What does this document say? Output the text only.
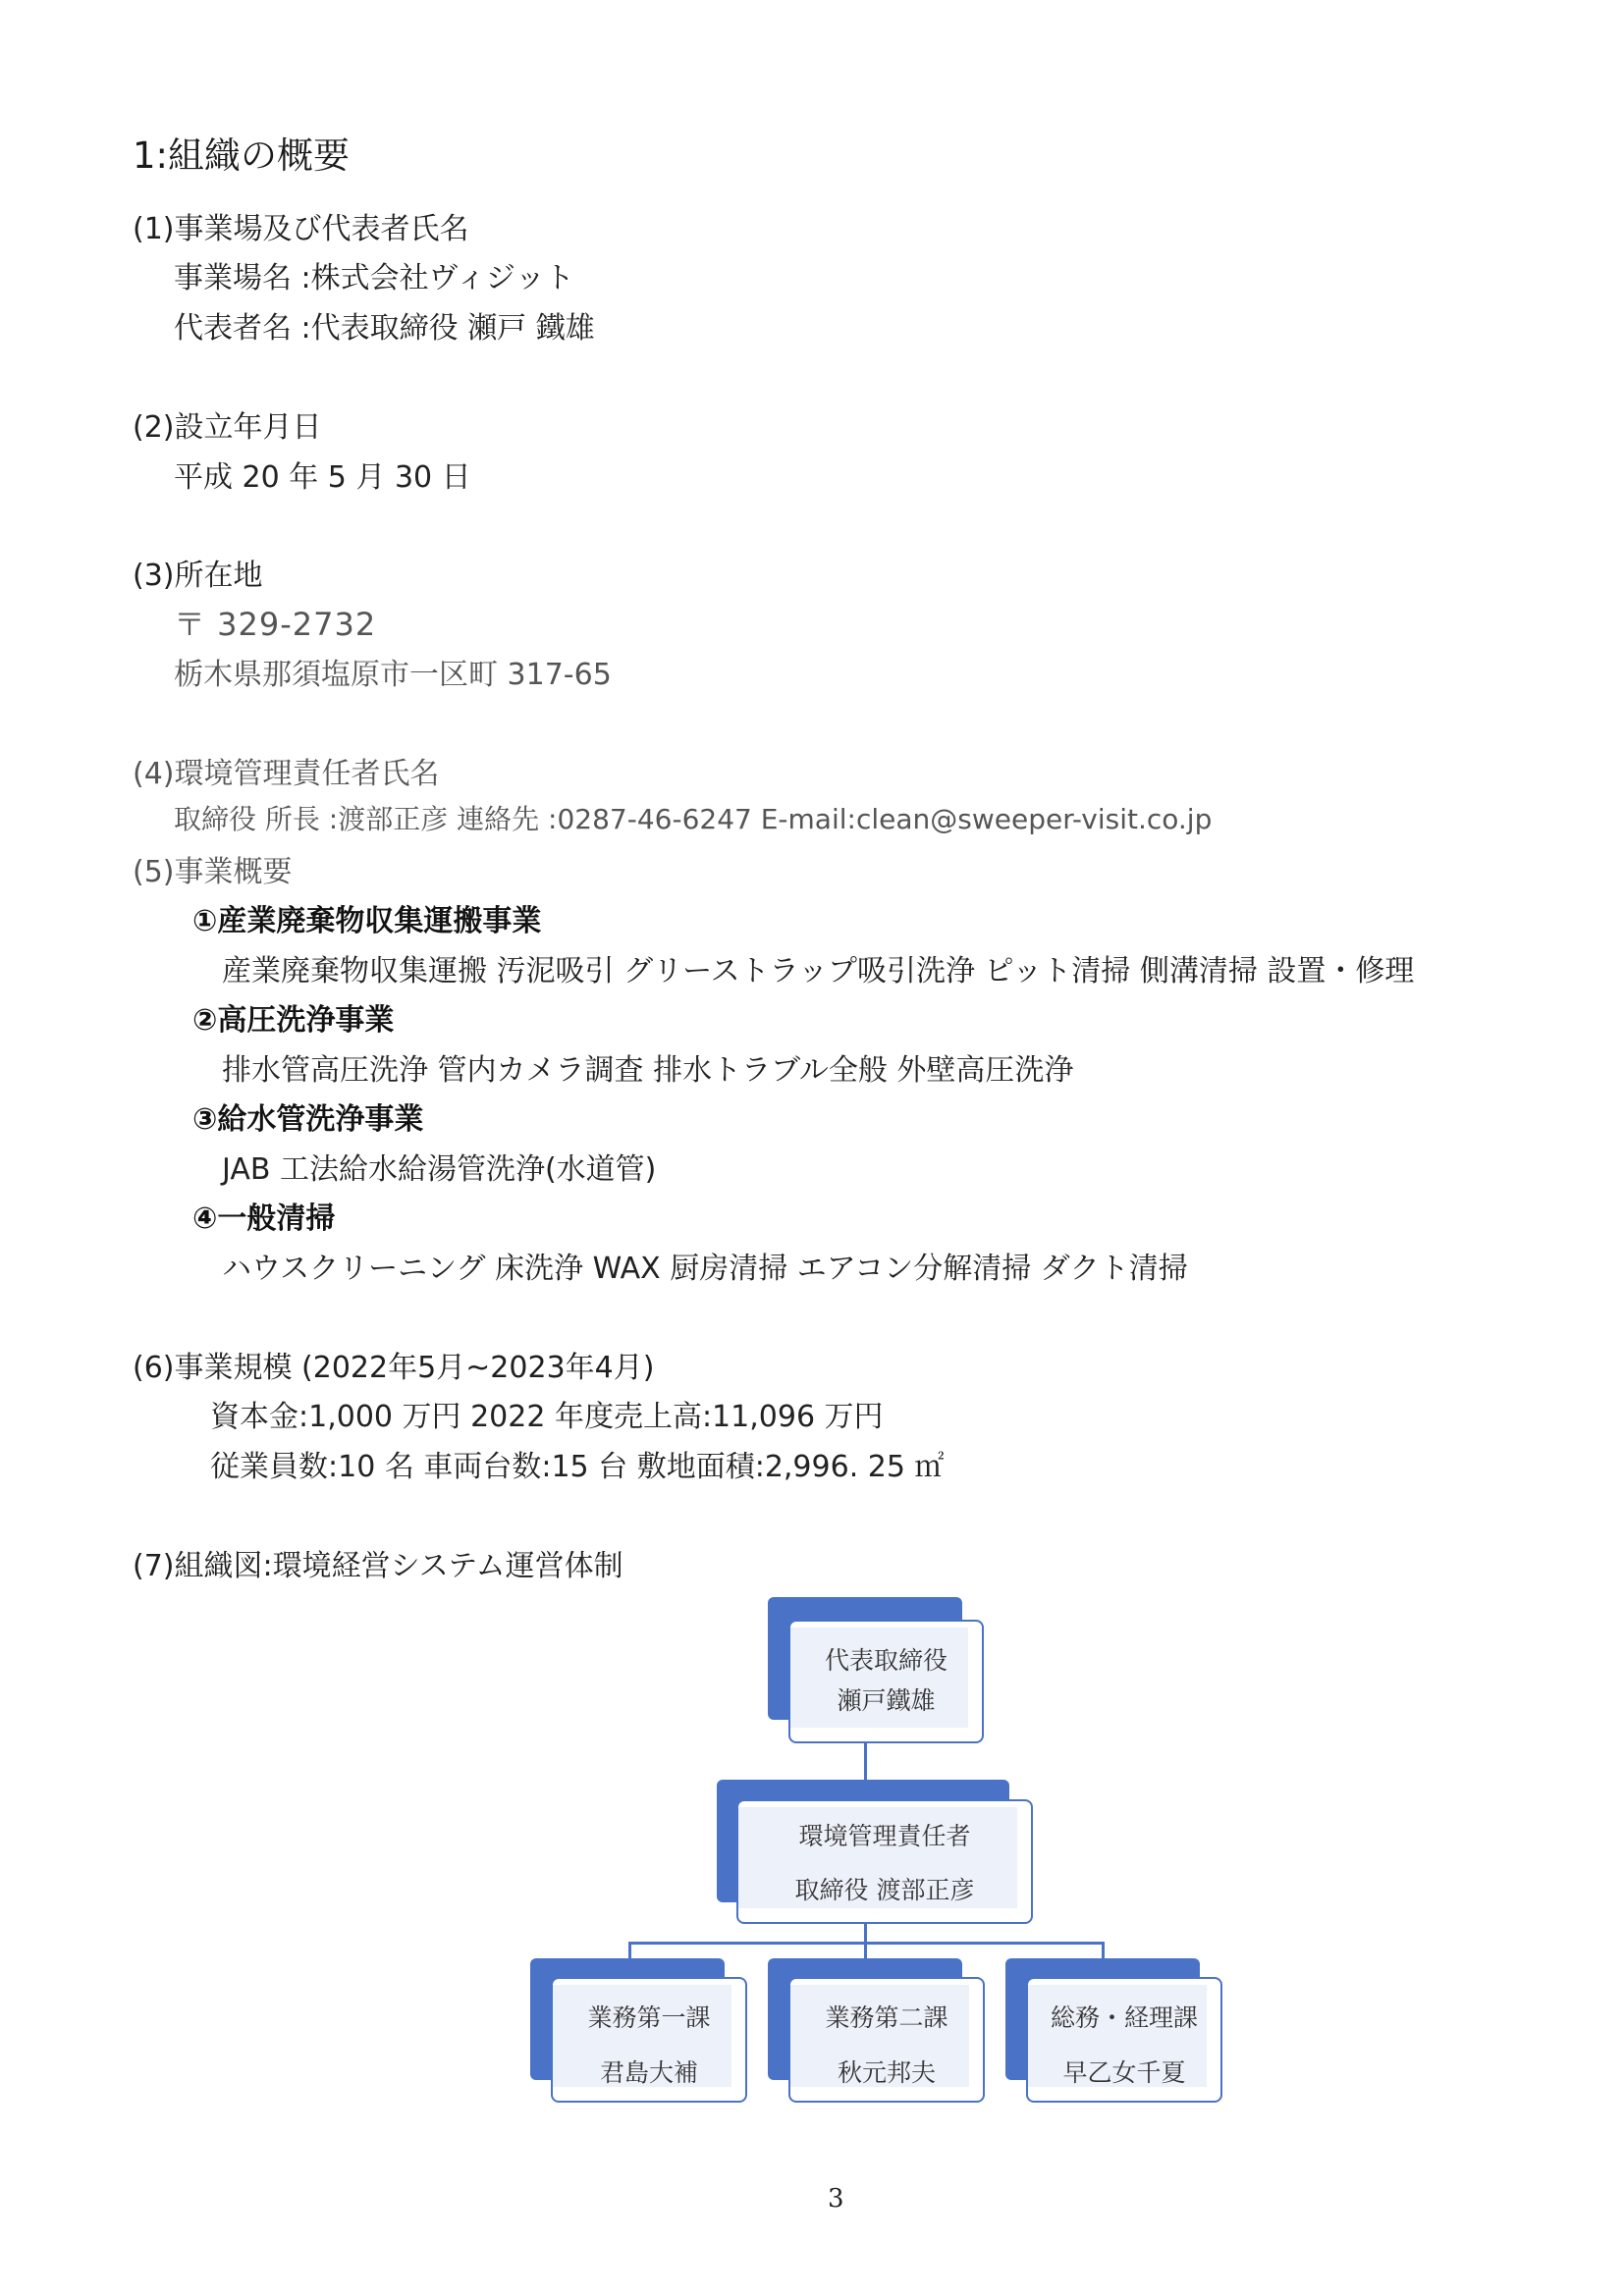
1:組織の概要
(1)事業場及び代表者氏名
事業場名 :株式会社ヴィジット
代表者名 :代表取締役 瀬戸 鐵雄
(2)設立年月日
平成 20 年 5 月 30 日
(3)所在地
〒 329-2732
栃木県那須塩原市一区町 317-65
(4)環境管理責任者氏名
取締役 所長 :渡部正彦 連絡先 :0287-46-6247 E-mail:clean@sweeper-visit.co.jp
(5)事業概要
①産業廃棄物収集運搬事業
産業廃棄物収集運搬 汚泥吸引 グリーストラップ吸引洗浄 ピット清掃 側溝清掃 設置・修理
②高圧洗浄事業
排水管高圧洗浄 管内カメラ調査 排水トラブル全般 外壁高圧洗浄
③給水管洗浄事業
JAB 工法給水給湯管洗浄(水道管)
④一般清掃
ハウスクリーニング 床洗浄 WAX 厨房清掃 エアコン分解清掃 ダクト清掃
(6)事業規模 (2022年5月~2023年4月)
資本金:1,000 万円 2022 年度売上高:11,096 万円
従業員数:10 名 車両台数:15 台 敷地面積:2,996. 25 ㎡
(7)組織図:環境経営システム運営体制
代表取締役
瀬戸鐵雄
環境管理責任者
取締役 渡部正彦
業務第一課
君島大補
業務第二課
秋元邦夫
総務・経理課
早乙女千夏
3
